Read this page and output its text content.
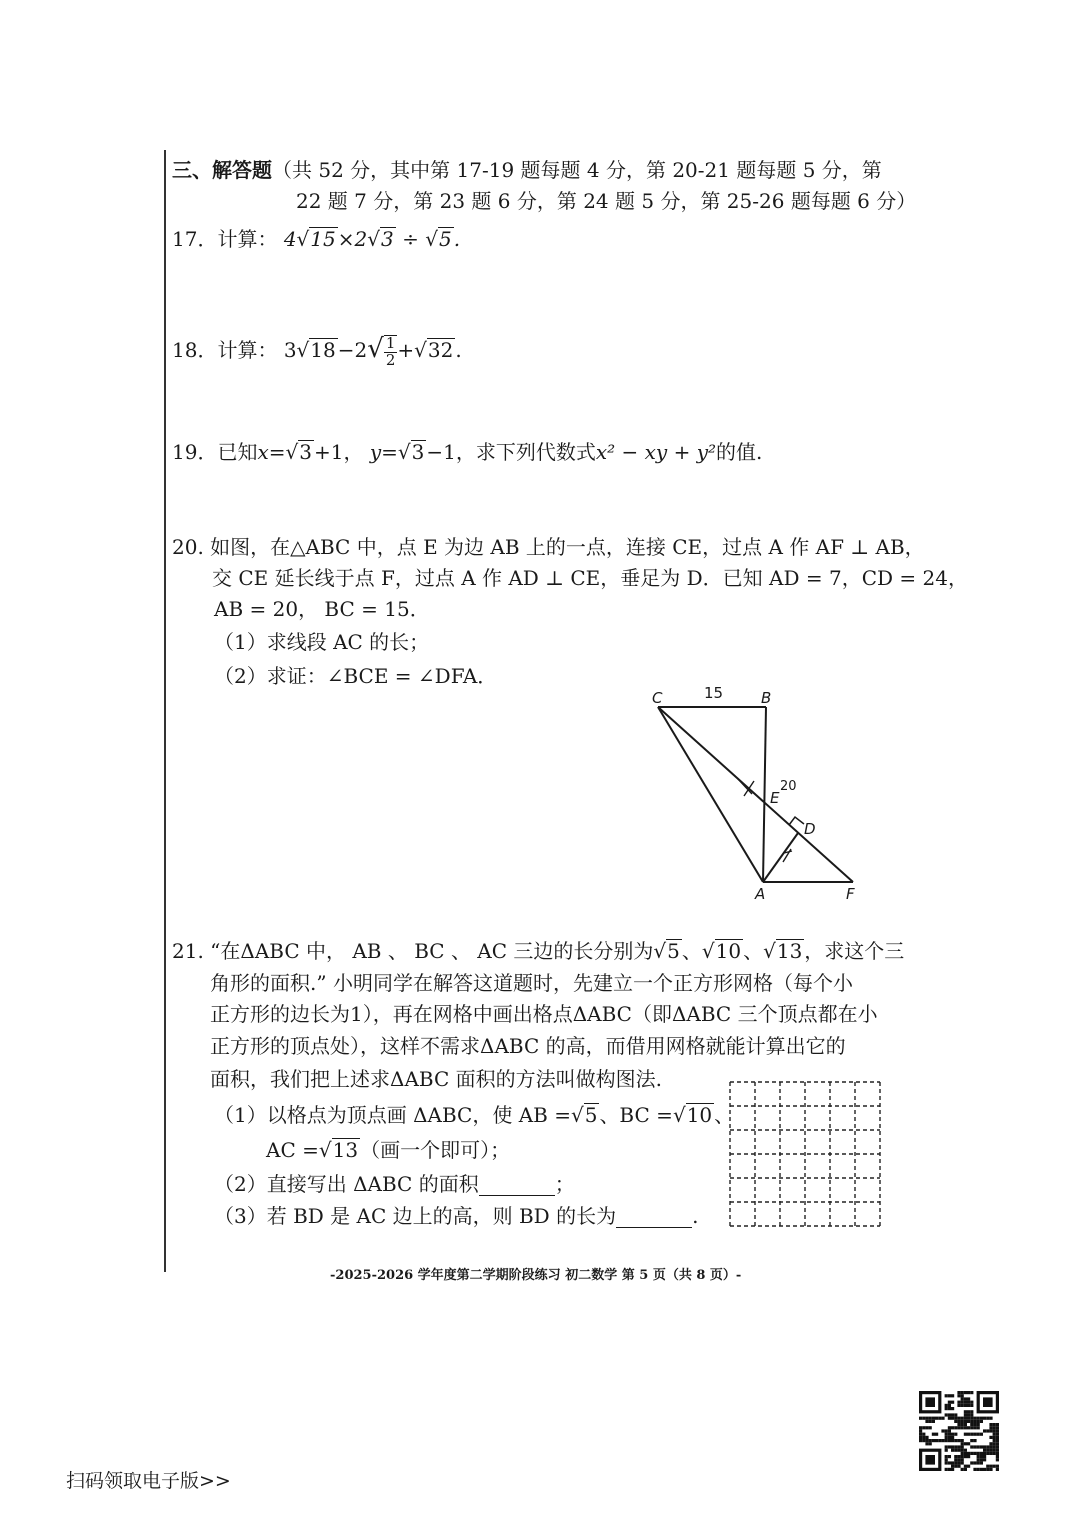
三、解答题（共 52 分，其中第 17-19 题每题 4 分，第 20-21 题每题 5 分，第
22 题 7 分，第 23 题 6 分，第 24 题 5 分，第 25-26 题每题 6 分）
17．计算： 4√15 ×2√3 ÷ √5 .
18．计算： $3√18 -2√ \frac{1}{2} +√32$ .
19．已知x=√3 +1， y=√3 −1，求下列代数式x² − xy + y²的值.
20. 如图，在△ABC 中，点 E 为边 AB 上的一点，连接 CE，过点 A 作 AF ⊥ AB，
交 CE 延长线于点 F，过点 A 作 AD ⊥ CE，垂足为 D．已知 AD = 7，CD = 24，
AB = 20， BC = 15．
（1）求线段 AC 的长；
（2）求证：∠BCE = ∠DFA．
C	B
E
D
A	F
15
20
21. “在ΔABC 中， AB 、 BC 、 AC 三边的长分别为√5 、√10 、√13 ，求这个三
角形的面积.” 小明同学在解答这道题时，先建立一个正方形网格（每个小
正方形的边长为1），再在网格中画出格点ΔABC（即ΔABC 三个顶点都在小
正方形的顶点处），这样不需求ΔABC 的高，而借用网格就能计算出它的
面积，我们把上述求ΔABC 面积的方法叫做构图法.
（1）以格点为顶点画 ΔABC，使 AB =√5 、BC =√10 、
AC =√13 （画一个即可）；
（2）直接写出 ΔABC 的面积	；
（3）若 BD 是 AC 边上的高，则 BD 的长为	.
-2025-2026 学年度第二学期阶段练习 初二数学 第 5 页（共 8 页）-
扫码领取电子版>>
